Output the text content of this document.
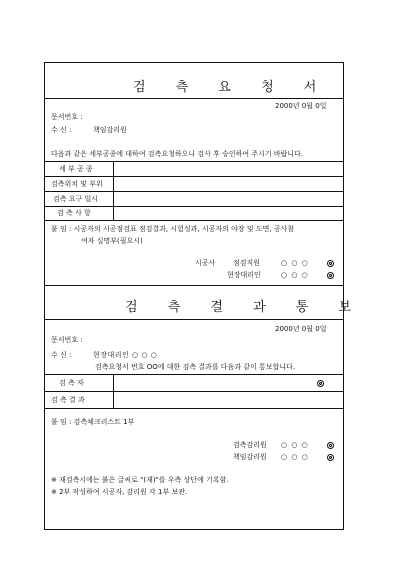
검 측 요 청 서
2000년 0월 0일
문서번호 :
수 신 :	책임감리원
다음과 같은 세부공종에 대하여 검측요청하오니 검사 후 승인하여 주시기 바랍니다.
세 부 공 종
검측위치 및 부위
검측 요구 일시
검 측 사 항
붙 임 : 시공자의 시공점검표 점검결과, 시험성과, 시공자의 야장 및 도면, 공사참
여자 실명부(필요시)
시공사	점검직원	○ ○ ○
현장대리인	○ ○ ○
검 측 결 과 통 보
2000년 0월 0일
문서번호 :
수 신 :	현장대리인 ○ ○ ○
검측요청서 번호 OO에 대한 검측 결과를 다음과 같이 통보합니다.
검 측 자
검 측 결 과
붙 임 : 검측체크리스트 1부
검측감리원 ○ ○ ○
책임감리원 ○ ○ ○
※ 재검측시에는 붉은 글씨로 "(재)"를 우측 상단에 기록함.
※ 2부 작성하여 시공자, 감리원 각 1부 보관.
